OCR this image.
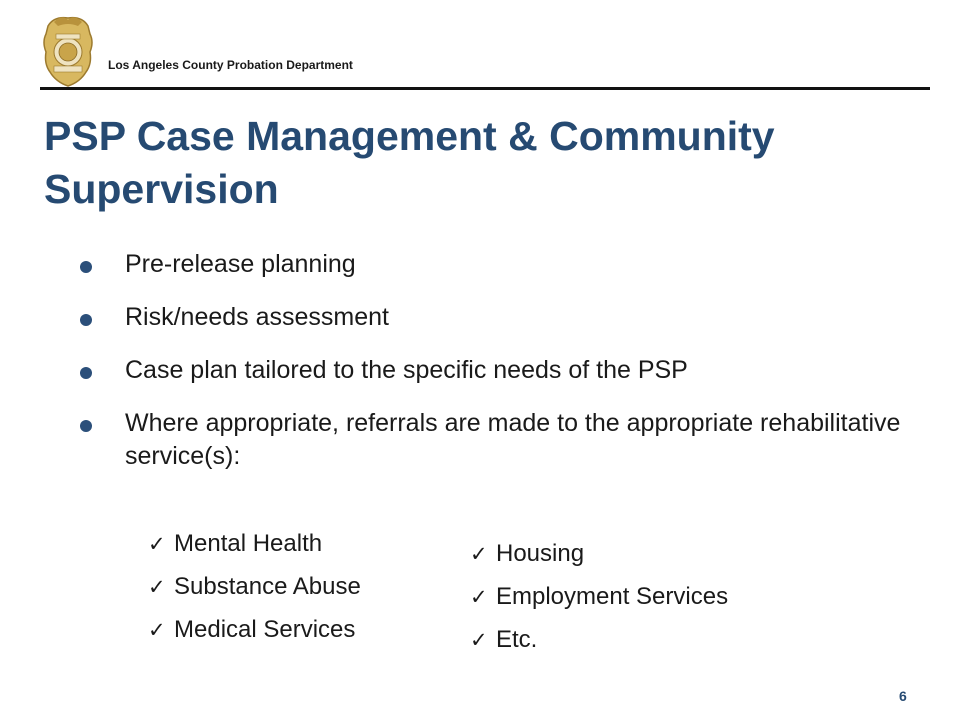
Los Angeles County Probation Department
PSP Case Management & Community Supervision
Pre-release planning
Risk/needs assessment
Case plan tailored to the specific needs of the PSP
Where appropriate, referrals are made to the appropriate rehabilitative service(s):
✓ Mental Health
✓ Substance Abuse
✓ Medical Services
✓ Housing
✓ Employment Services
✓ Etc.
6
